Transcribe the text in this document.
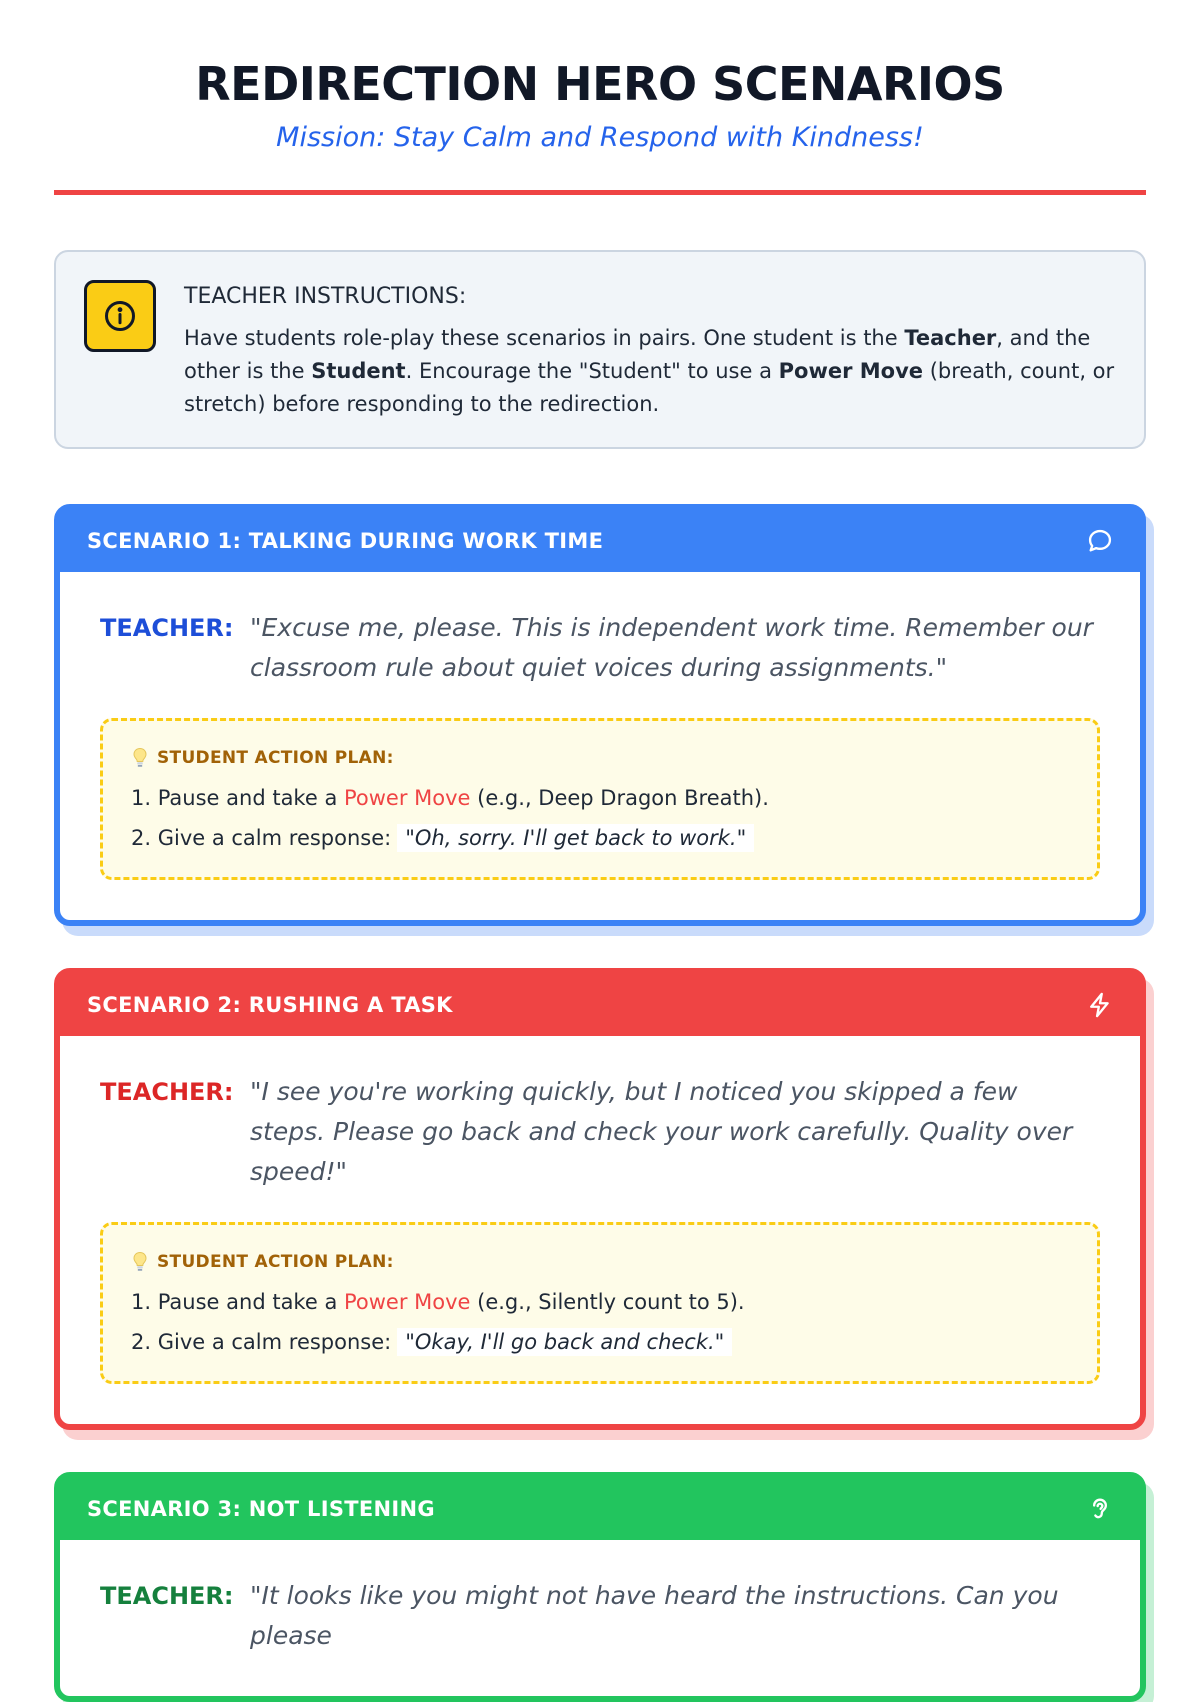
REDIRECTION HERO SCENARIOS
Mission: Stay Calm and Respond with Kindness!
TEACHER INSTRUCTIONS:

Have students role-play these scenarios in pairs. One student is the Teacher, and the other is the Student. Encourage the "Student" to use a Power Move (breath, count, or stretch) before responding to the redirection.

SCENARIO 1: TALKING DURING WORK TIME
TEACHER: "Excuse me, please. This is independent work time. Remember our classroom rule about quiet voices during assignments."
STUDENT ACTION PLAN:
1. Pause and take a Power Move (e.g., Deep Dragon Breath).
2. Give a calm response: "Oh, sorry. I'll get back to work."
SCENARIO 2: RUSHING A TASK
TEACHER: "I see you're working quickly, but I noticed you skipped a few steps. Please go back and check your work carefully. Quality over speed!"
STUDENT ACTION PLAN:
1. Pause and take a Power Move (e.g., Silently count to 5).
2. Give a calm response: "Okay, I'll go back and check."
SCENARIO 3: NOT LISTENING
TEACHER: "It looks like you might not have heard the instructions. Can you please
